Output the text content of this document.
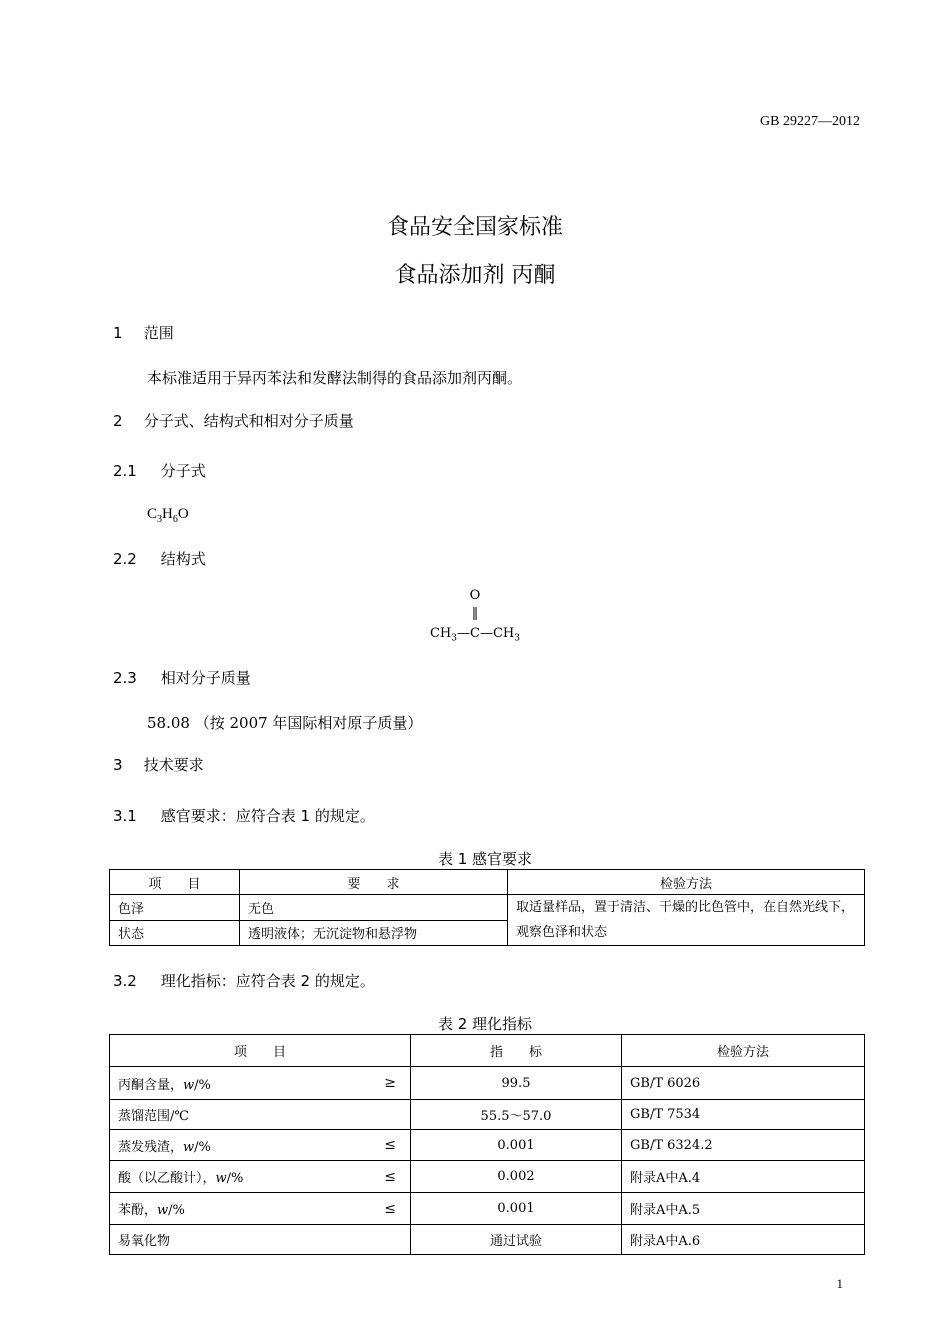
GB 29227—2012
食品安全国家标准
食品添加剂 丙酮
1 范围
本标准适用于异丙苯法和发酵法制得的食品添加剂丙酮。
2 分子式、结构式和相对分子质量
2.1 分子式
$C_3H_6O$
2.2 结构式
O
‖
$CH_3—C—CH_3$
2.3 相对分子质量
58.08 （按 2007 年国际相对原子质量）
3 技术要求
3.1 感官要求：应符合表 1 的规定。
表 1 感官要求
项　　目	要　　求	检验方法
色泽	无色	取适量样品，置于清洁、干燥的比色管中，在自然光线下，观察色泽和状态
状态	透明液体；无沉淀物和悬浮物	
3.2 理化指标：应符合表 2 的规定。
表 2 理化指标
项　　目	指　　标	检验方法
丙酮含量，w/% ≥	99.5	GB/T 6026
蒸馏范围/℃	55.5～57.0	GB/T 7534
蒸发残渣，w/% ≤	0.001	GB/T 6324.2
酸（以乙酸计），w/% ≤	0.002	附录A中A.4
苯酚，w/% ≤	0.001	附录A中A.5
易氧化物	通过试验	附录A中A.6
1
